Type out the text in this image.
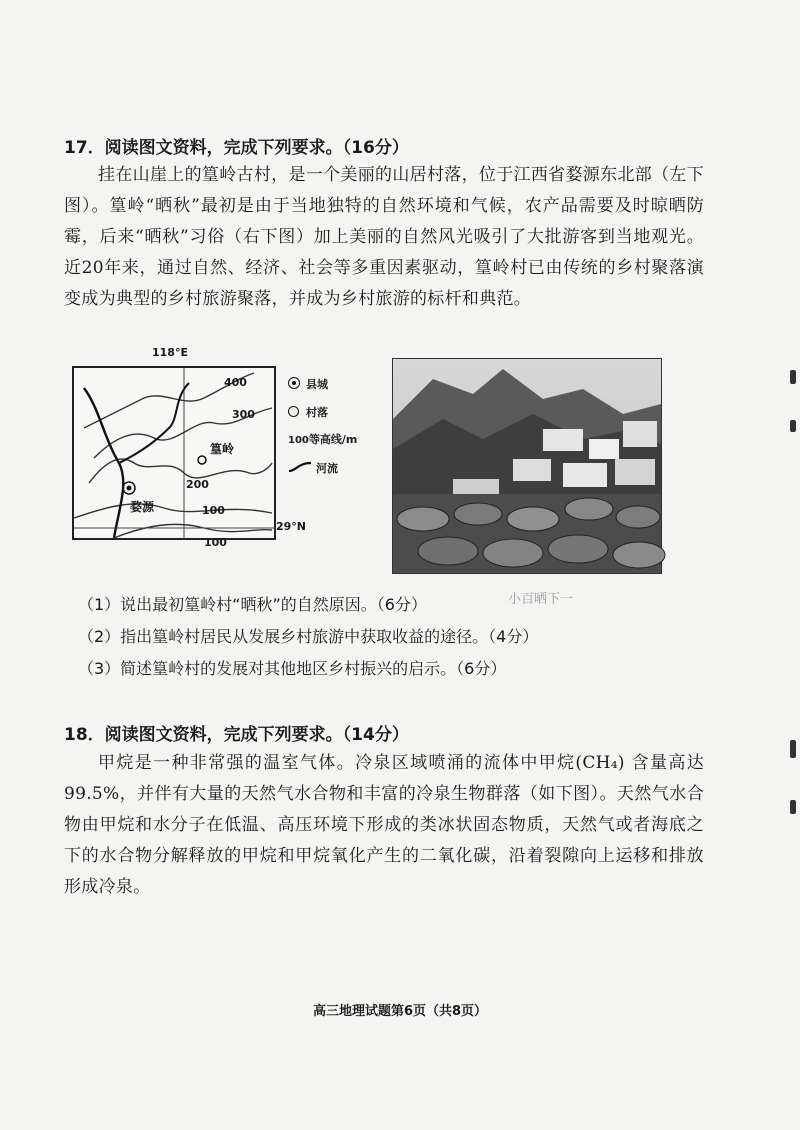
17．阅读图文资料，完成下列要求。（16分）

挂在山崖上的篁岭古村，是一个美丽的山居村落，位于江西省婺源东北部（左下图）。篁岭“晒秋”最初是由于当地独特的自然环境和气候，农产品需要及时晾晒防霉，后来“晒秋”习俗（右下图）加上美丽的自然风光吸引了大批游客到当地观光。近20年来，通过自然、经济、社会等多重因素驱动，篁岭村已由传统的乡村聚落演变成为典型的乡村旅游聚落，并成为乡村旅游的标杆和典范。

400
300
200
100
100
篁岭
婺源
118°E
29°N
县城
村落
100等高线/m
河流
小百晒下一
（1）说出最初篁岭村“晒秋”的自然原因。（6分）
（2）指出篁岭村居民从发展乡村旅游中获取收益的途径。（4分）
（3）简述篁岭村的发展对其他地区乡村振兴的启示。（6分）
18．阅读图文资料，完成下列要求。（14分）

甲烷是一种非常强的温室气体。冷泉区域喷涌的流体中甲烷(CH₄) 含量高达99.5%，并伴有大量的天然气水合物和丰富的冷泉生物群落（如下图）。天然气水合物由甲烷和水分子在低温、高压环境下形成的类冰状固态物质，天然气或者海底之下的水合物分解释放的甲烷和甲烷氧化产生的二氧化碳，沿着裂隙向上运移和排放形成冷泉。

高三地理试题第6页（共8页）
